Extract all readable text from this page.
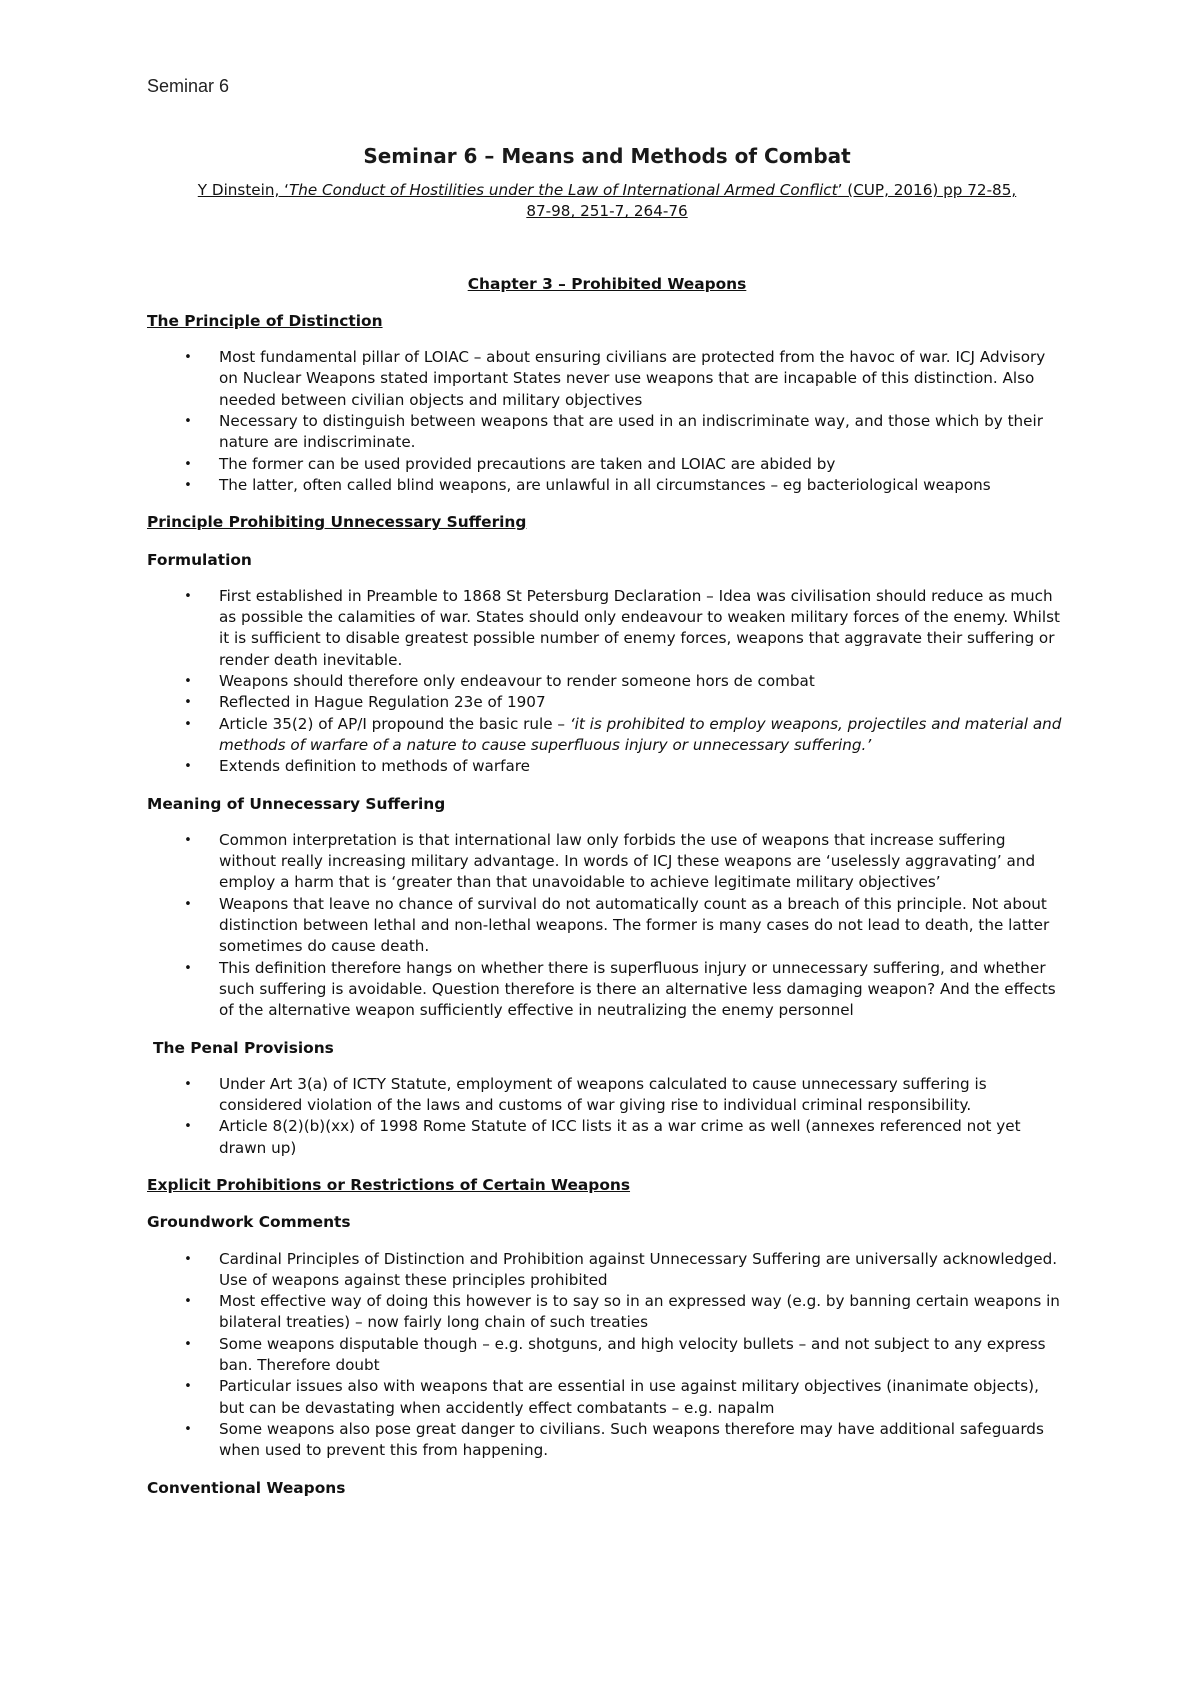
Seminar 6
Seminar 6 – Means and Methods of Combat

Y Dinstein, ‘The Conduct of Hostilities under the Law of International Armed Conflict’ (CUP, 2016) pp 72-85,
87-98, 251-7, 264-76

Chapter 3 – Prohibited Weapons
The Principle of Distinction
• Most fundamental pillar of LOIAC – about ensuring civilians are protected from the havoc of war. ICJ Advisory on Nuclear Weapons stated important States never use weapons that are incapable of this distinction. Also needed between civilian objects and military objectives
• Necessary to distinguish between weapons that are used in an indiscriminate way, and those which by their nature are indiscriminate.
• The former can be used provided precautions are taken and LOIAC are abided by
• The latter, often called blind weapons, are unlawful in all circumstances – eg bacteriological weapons
Principle Prohibiting Unnecessary Suffering
Formulation
• First established in Preamble to 1868 St Petersburg Declaration – Idea was civilisation should reduce as much as possible the calamities of war. States should only endeavour to weaken military forces of the enemy. Whilst it is sufficient to disable greatest possible number of enemy forces, weapons that aggravate their suffering or render death inevitable.
• Weapons should therefore only endeavour to render someone hors de combat
• Reflected in Hague Regulation 23e of 1907
• Article 35(2) of AP/I propound the basic rule – ‘it is prohibited to employ weapons, projectiles and material and methods of warfare of a nature to cause superfluous injury or unnecessary suffering.’
• Extends definition to methods of warfare
Meaning of Unnecessary Suffering
• Common interpretation is that international law only forbids the use of weapons that increase suffering without really increasing military advantage. In words of ICJ these weapons are ‘uselessly aggravating’ and employ a harm that is ‘greater than that unavoidable to achieve legitimate military objectives’
• Weapons that leave no chance of survival do not automatically count as a breach of this principle. Not about distinction between lethal and non-lethal weapons. The former is many cases do not lead to death, the latter sometimes do cause death.
• This definition therefore hangs on whether there is superfluous injury or unnecessary suffering, and whether such suffering is avoidable. Question therefore is there an alternative less damaging weapon? And the effects of the alternative weapon sufficiently effective in neutralizing the enemy personnel
The Penal Provisions
• Under Art 3(a) of ICTY Statute, employment of weapons calculated to cause unnecessary suffering is considered violation of the laws and customs of war giving rise to individual criminal responsibility.
• Article 8(2)(b)(xx) of 1998 Rome Statute of ICC lists it as a war crime as well (annexes referenced not yet drawn up)
Explicit Prohibitions or Restrictions of Certain Weapons
Groundwork Comments
• Cardinal Principles of Distinction and Prohibition against Unnecessary Suffering are universally acknowledged. Use of weapons against these principles prohibited
• Most effective way of doing this however is to say so in an expressed way (e.g. by banning certain weapons in bilateral treaties) – now fairly long chain of such treaties
• Some weapons disputable though – e.g. shotguns, and high velocity bullets – and not subject to any express ban. Therefore doubt
• Particular issues also with weapons that are essential in use against military objectives (inanimate objects), but can be devastating when accidently effect combatants – e.g. napalm
• Some weapons also pose great danger to civilians. Such weapons therefore may have additional safeguards when used to prevent this from happening.
Conventional Weapons
